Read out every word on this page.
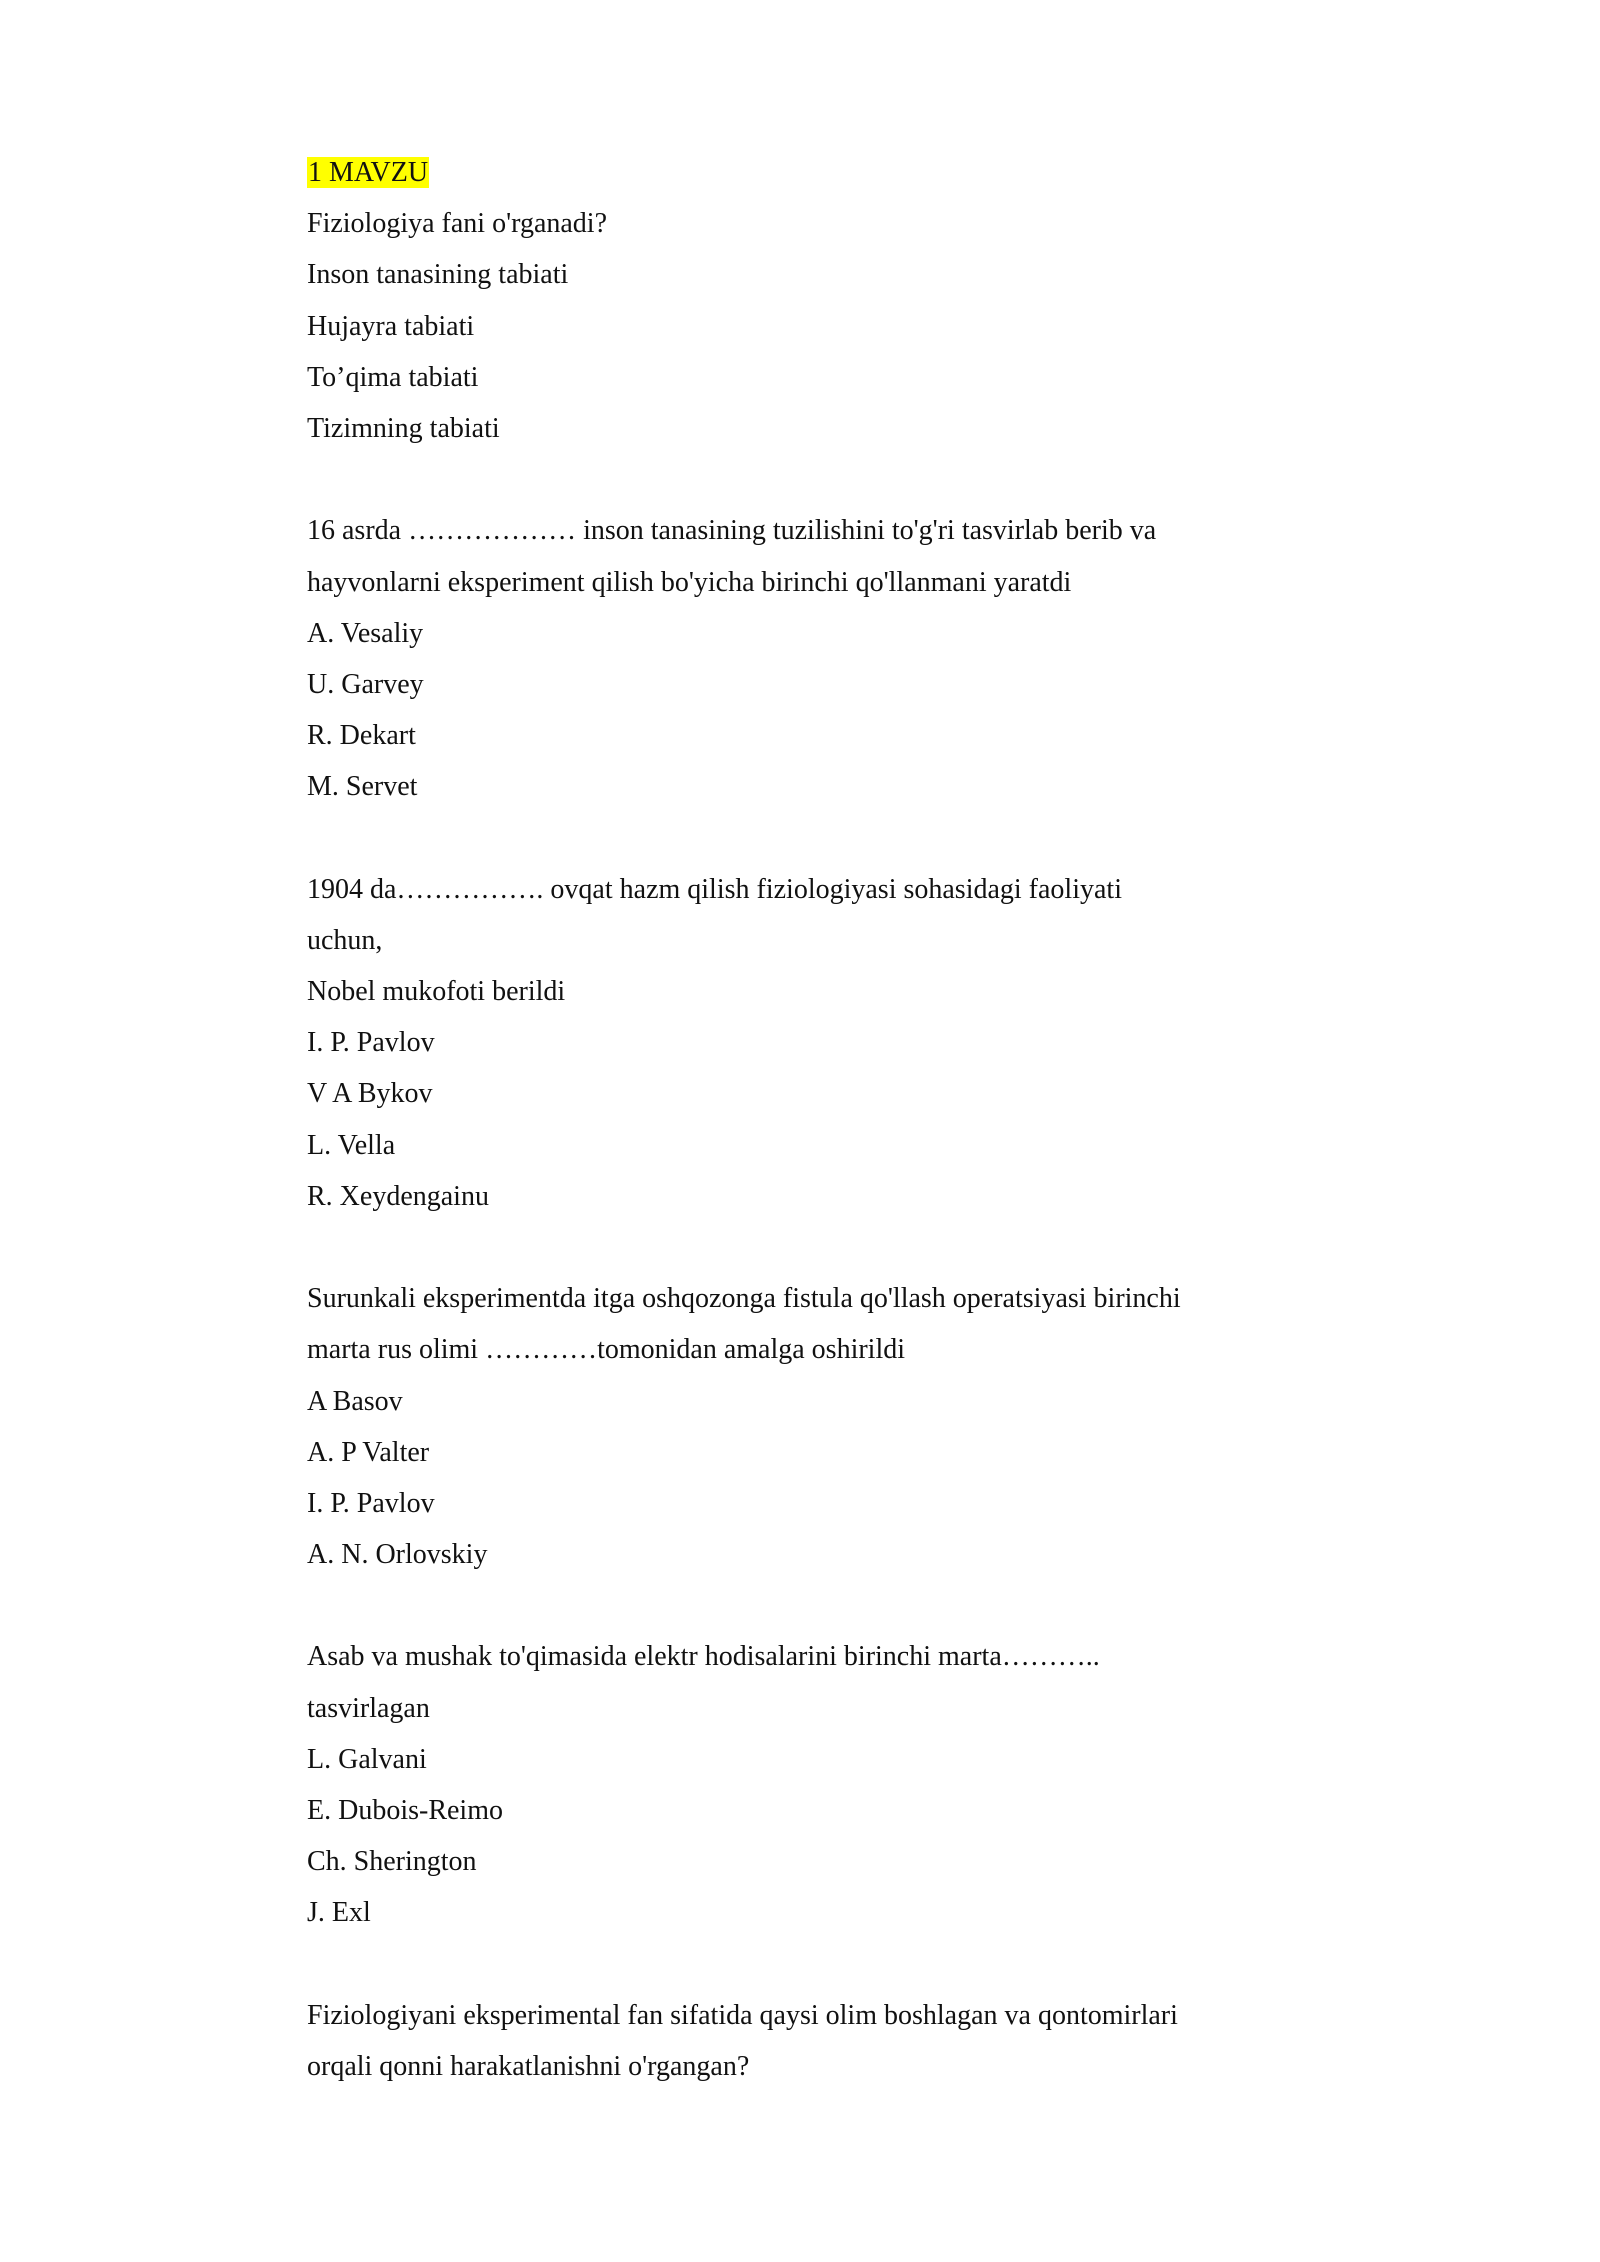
1 MAVZU
Fiziologiya fani o'rganadi?
Inson tanasining tabiati
Hujayra tabiati
To’qima tabiati
Tizimning tabiati
16 asrda ……………… inson tanasining tuzilishini to'g'ri tasvirlab berib va
hayvonlarni eksperiment qilish bo'yicha birinchi qo'llanmani yaratdi
A. Vesaliy
U. Garvey
R. Dekart
M. Servet
1904 da……………. ovqat hazm qilish fiziologiyasi sohasidagi faoliyati
uchun,
Nobel mukofoti berildi
I. P. Pavlov
V A Bykov
L. Vella
R. Xeydengainu
Surunkali eksperimentda itga oshqozonga fistula qo'llash operatsiyasi birinchi
marta rus olimi …………tomonidan amalga oshirildi
A Basov
A. P Valter
I. P. Pavlov
A. N. Orlovskiy
Asab va mushak to'qimasida elektr hodisalarini birinchi marta………..
tasvirlagan
L. Galvani
E. Dubois-Reimo
Ch. Sherington
J. Exl
Fiziologiyani eksperimental fan sifatida qaysi olim boshlagan va qontomirlari
orqali qonni harakatlanishni o'rgangan?
